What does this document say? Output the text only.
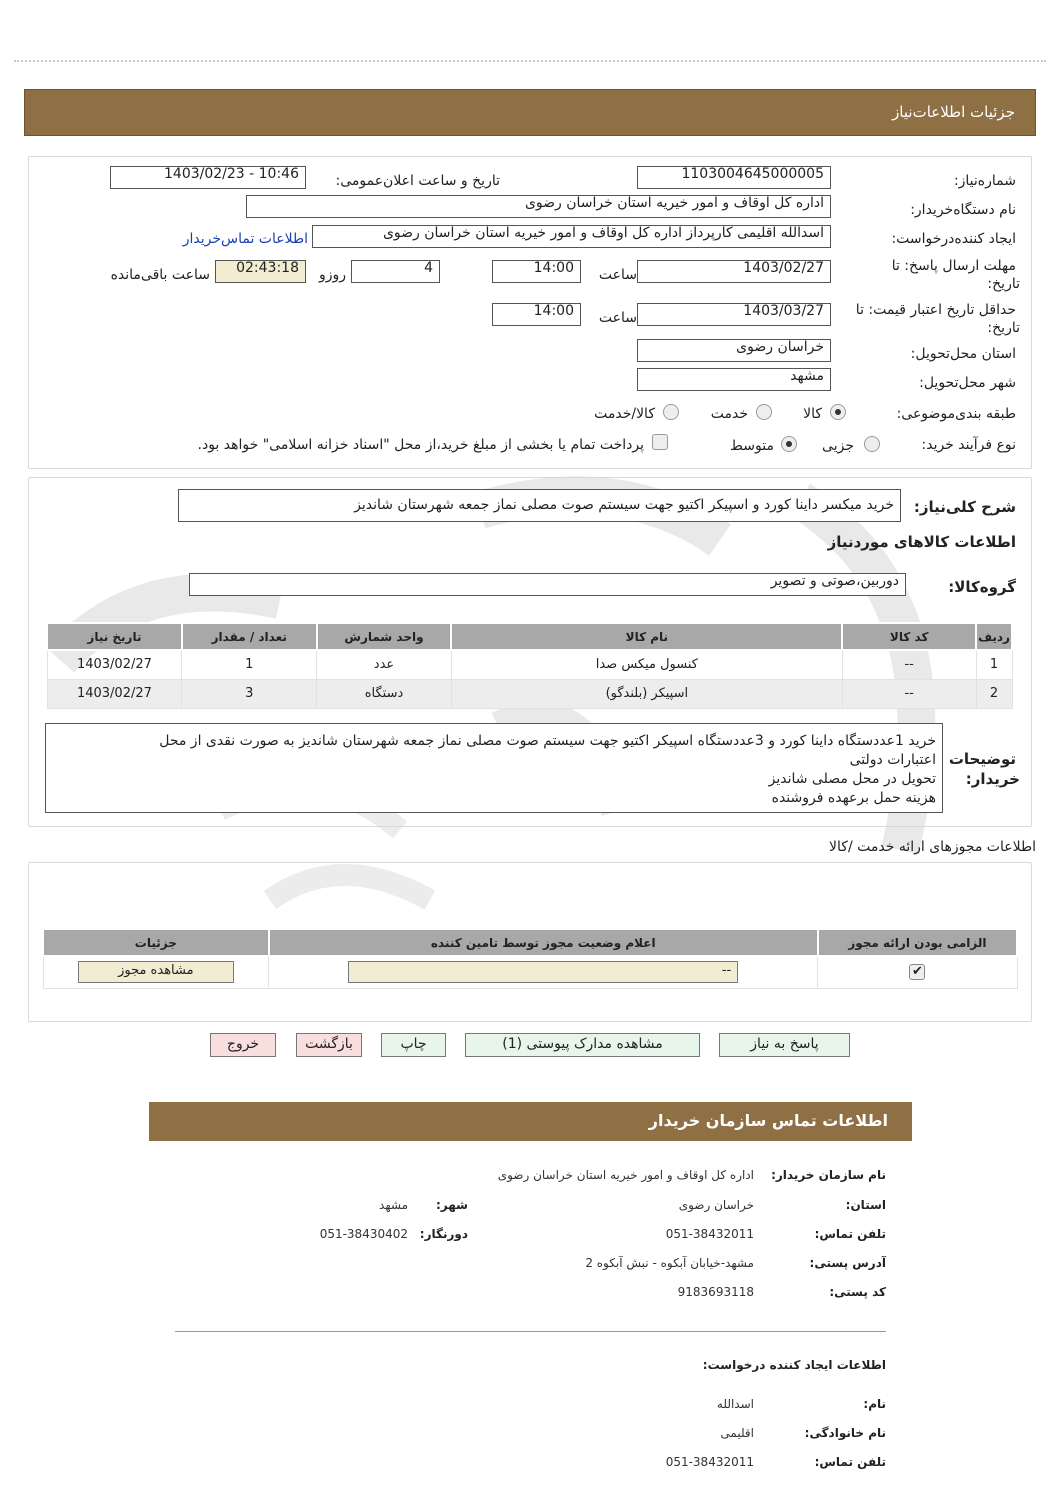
جزئیات اطلاعات‌نیاز
شماره‌نیاز:
1103004645000005
تاریخ و ساعت اعلان‌عمومی:
1403/02/23 - 10:46
نام دستگاه‌خریدار:
اداره کل اوقاف و امور خیریه استان خراسان رضوی
ایجاد کننده‌درخواست:
اسدالله اقلیمی کارپرداز اداره کل اوقاف و امور خیریه استان خراسان رضوی
اطلاعات تماس‌خریدار
مهلت ارسال پاسخ: تا
تاریخ:
1403/02/27
ساعت
14:00
4
روزو
02:43:18
ساعت باقی‌مانده
حداقل تاریخ اعتبار قیمت: تا
تاریخ:
1403/03/27
ساعت
14:00
استان محل‌تحویل:
خراسان رضوی
شهر محل‌تحویل:
مشهد
طبقه بندی‌موضوعی:
کالا
خدمت
کالا/خدمت
نوع فرآیند خرید:
جزیی
متوسط
پرداخت تمام یا بخشی از مبلغ خرید،از محل "اسناد خزانه اسلامی" خواهد بود.
شرح کلی‌نیاز:
خرید میکسر داینا کورد و اسپیکر اکتیو جهت سیستم صوت مصلی نماز جمعه شهرستان شاندیز
اطلاعات کالاهای موردنیاز
گروه‌کالا:
دوربین،صوتی و تصویر
ردیف	کد کالا	نام کالا	واحد شمارش	تعداد / مقدار	تاریخ نیاز
1	--	کنسول میکس صدا	عدد	1	1403/02/27
2	--	اسپیکر (بلندگو)	دستگاه	3	1403/02/27
توضیحات
خریدار:
خرید 1عددستگاه داینا کورد و 3عددستگاه اسپیکر اکتیو جهت سیستم صوت مصلی نماز جمعه شهرستان شاندیز به صورت نقدی از محل
اعتبارات دولتی
تحویل در محل مصلی شاندیز
هزینه حمل برعهده فروشنده
اطلاعات مجوزهای ارائه خدمت /کالا
الزامی بودن ارائه مجوز	اعلام وضعیت مجوز توسط تامین کننده	جزئیات
✔	--	مشاهده مجوز
پاسخ به نیاز
مشاهده مدارک پیوستی (1)
چاپ
بازگشت
خروج
اطلاعات تماس سازمان خریدار
نام سازمان خریدار:
اداره کل اوقاف و امور خیریه استان خراسان رضوی
استان:
خراسان رضوی
شهر:
مشهد
تلفن تماس:
051-38432011
دورنگار:
051-38430402
آدرس پستی:
مشهد-خیابان آبکوه - نبش آبکوه 2
کد پستی:
9183693118
اطلاعات ایجاد کننده درخواست:
نام:
اسدالله
نام خانوادگی:
اقلیمی
تلفن تماس:
051-38432011
